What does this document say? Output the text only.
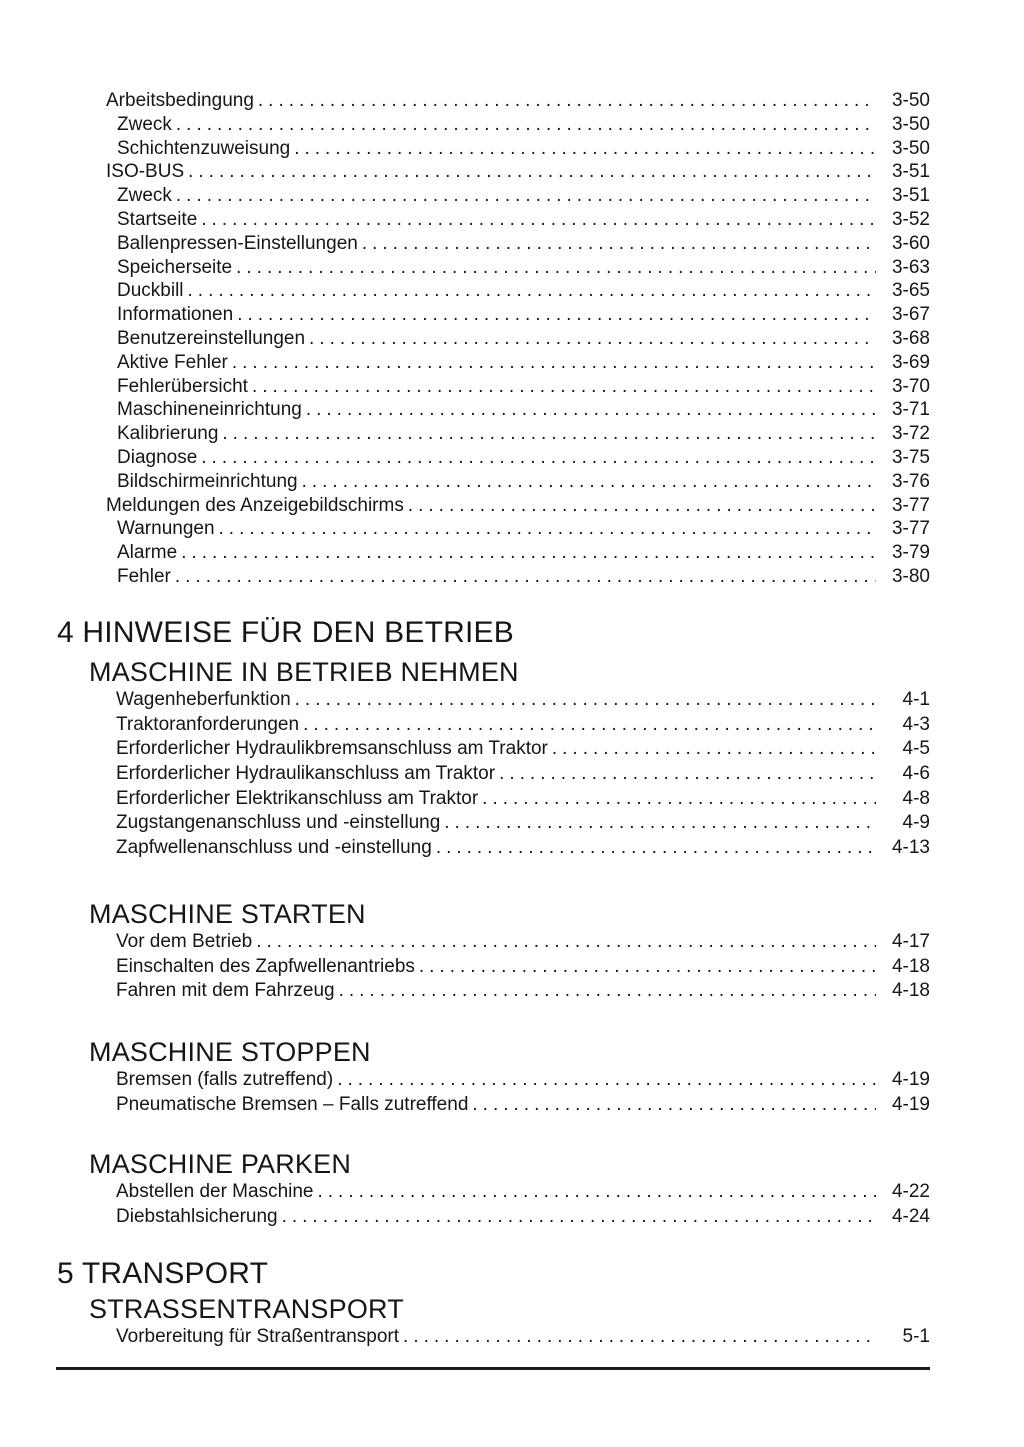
Arbeitsbedingung .....	3-50
Zweck .....	3-50
Schichtenzuweisung .....	3-50
ISO-BUS .....	3-51
Zweck .....	3-51
Startseite .....	3-52
Ballenpressen-Einstellungen .....	3-60
Speicherseite .....	3-63
Duckbill .....	3-65
Informationen .....	3-67
Benutzereinstellungen .....	3-68
Aktive Fehler .....	3-69
Fehlerübersicht .....	3-70
Maschineneinrichtung .....	3-71
Kalibrierung .....	3-72
Diagnose .....	3-75
Bildschirmeinrichtung .....	3-76
Meldungen des Anzeigebildschirms .....	3-77
Warnungen .....	3-77
Alarme .....	3-79
Fehler .....	3-80
4 HINWEISE FÜR DEN BETRIEB
MASCHINE IN BETRIEB NEHMEN
Wagenheberfunktion .....	4-1
Traktoranforderungen .....	4-3
Erforderlicher Hydraulikbremsanschluss am Traktor .....	4-5
Erforderlicher Hydraulikanschluss am Traktor .....	4-6
Erforderlicher Elektrikanschluss am Traktor .....	4-8
Zugstangenanschluss und -einstellung .....	4-9
Zapfwellenanschluss und -einstellung .....	4-13
MASCHINE STARTEN
Vor dem Betrieb .....	4-17
Einschalten des Zapfwellenantriebs .....	4-18
Fahren mit dem Fahrzeug .....	4-18
MASCHINE STOPPEN
Bremsen (falls zutreffend) .....	4-19
Pneumatische Bremsen – Falls zutreffend .....	4-19
MASCHINE PARKEN
Abstellen der Maschine .....	4-22
Diebstahlsicherung .....	4-24
5 TRANSPORT
STRASSENTRANSPORT
Vorbereitung für Straßentransport .....	5-1
